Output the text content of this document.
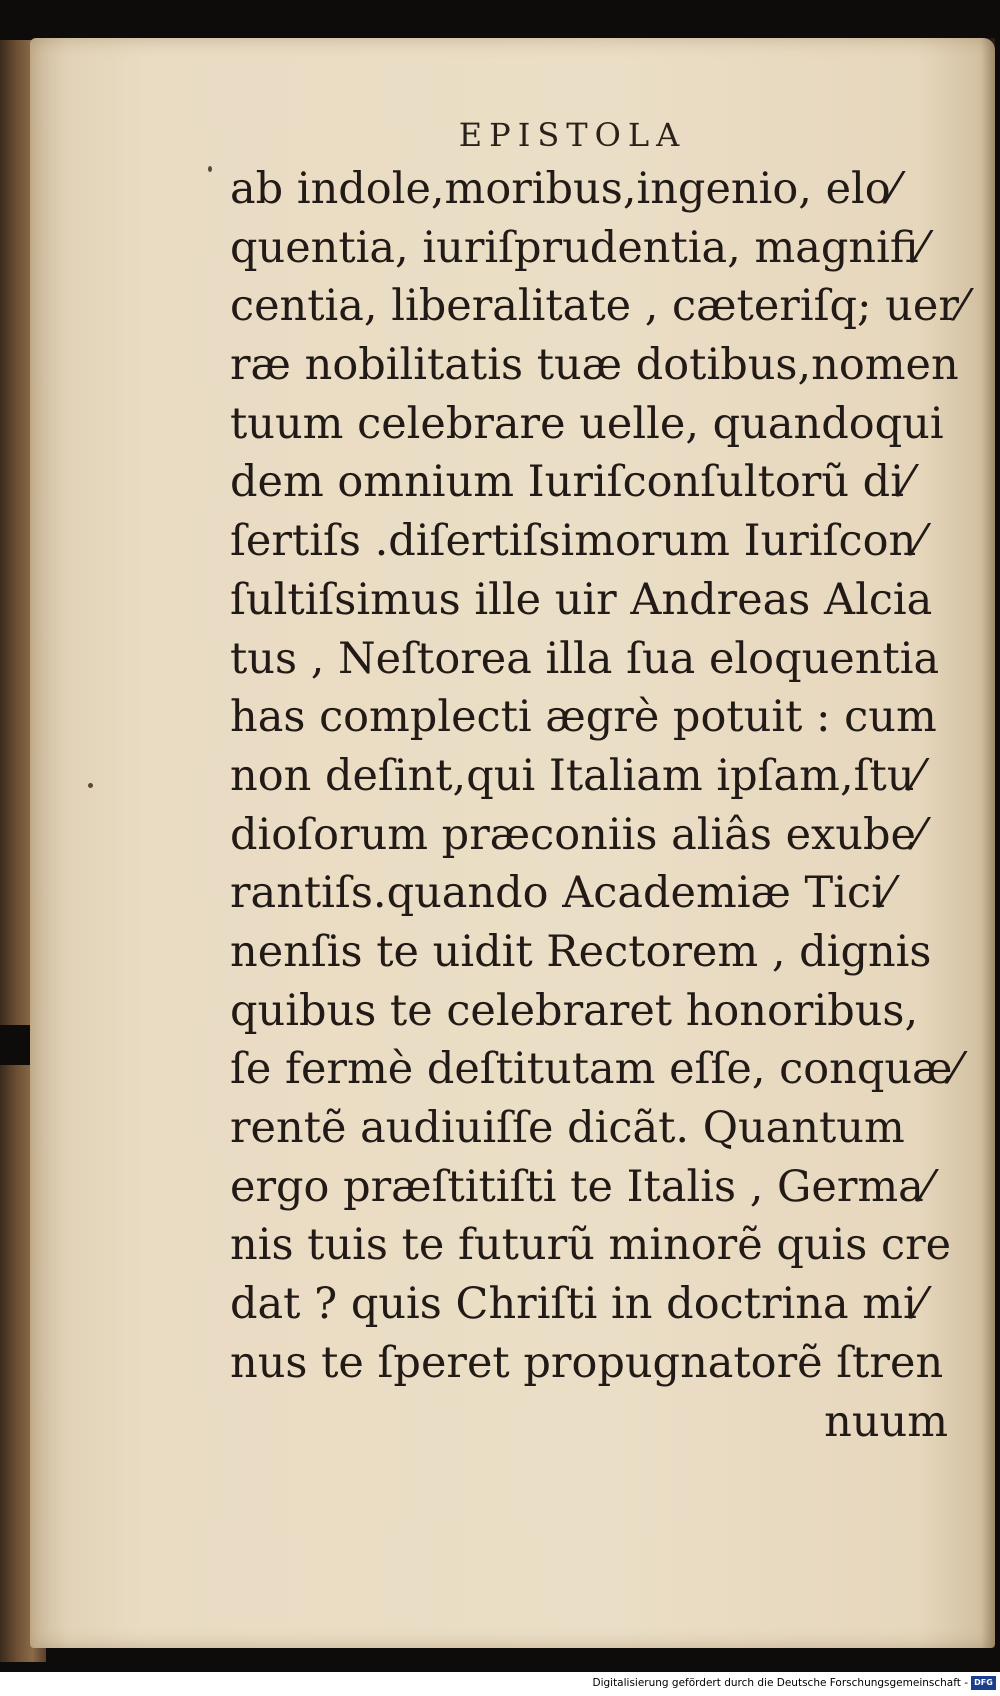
EPISTOLA
ab indole,moribus,ingenio, elo⁄
quentia, iuriſprudentia, magnifi⁄
centia, liberalitate , cæteriſq; uer⁄
ræ nobilitatis tuæ dotibus,nomen
tuum celebrare uelle, quandoqui
dem omnium Iuriſconſultorũ di⁄
ſertiſs .diſertiſsimorum Iuriſcon⁄
ſultiſsimus ille uir Andreas Alcia
tus , Neſtorea illa ſua eloquentia
has complecti ægrè potuit : cum
non deſint,qui Italiam ipſam,ſtu⁄
dioſorum præconiis aliâs exube⁄
rantiſs.quando Academiæ Tici⁄
nenſis te uidit Rectorem , dignis
quibus te celebraret honoribus,
ſe fermè deſtitutam eſſe, conquæ⁄
rentẽ audiuiſſe dicãt. Quantum
ergo præſtitiſti te Italis , Germa⁄
nis tuis te futurũ minorẽ quis cre
dat ? quis Chriſti in doctrina mi⁄
nus te ſperet propugnatorẽ ſtren
nuum
Digitalisierung gefördert durch die Deutsche Forschungsgemeinschaft - DFG
